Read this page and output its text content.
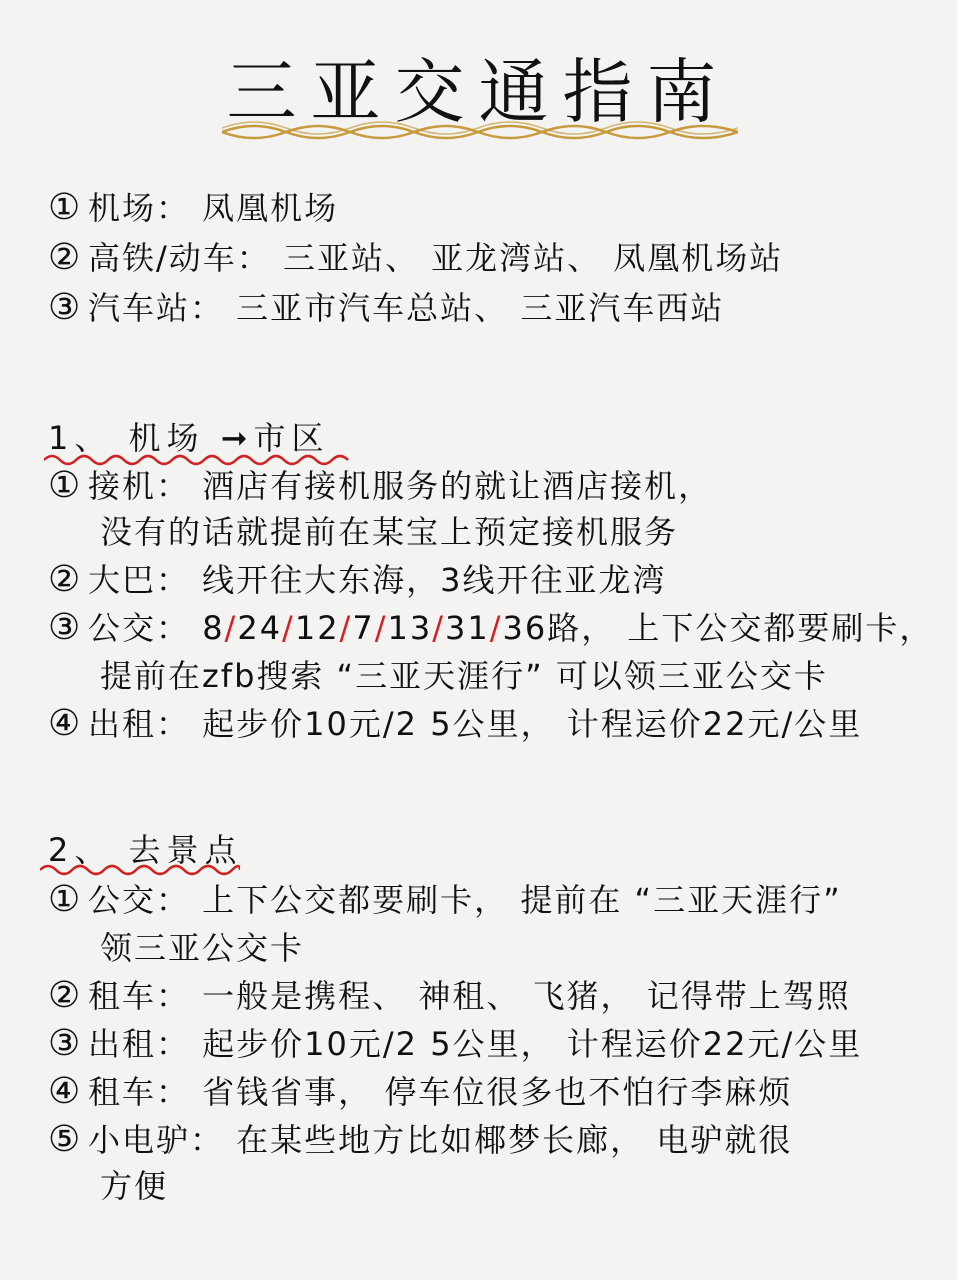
三亚交通指南
① 机场： 凤凰机场
② 高铁/动车： 三亚站、 亚龙湾站、 凤凰机场站
③ 汽车站： 三亚市汽车总站、 三亚汽车西站
1、 机场 ➞市区
① 接机： 酒店有接机服务的就让酒店接机，
没有的话就提前在某宝上预定接机服务
② 大巴： 线开往大东海，3线开往亚龙湾
③ 公交： 8/24/12/7/13/31/36路， 上下公交都要刷卡，
提前在zfb搜索 “三亚天涯行” 可以领三亚公交卡
④ 出租： 起步价10元/2 5公里， 计程运价22元/公里
2、 去景点
① 公交： 上下公交都要刷卡， 提前在 “三亚天涯行”
领三亚公交卡
② 租车： 一般是携程、 神租、 飞猪， 记得带上驾照
③ 出租： 起步价10元/2 5公里， 计程运价22元/公里
④ 租车： 省钱省事， 停车位很多也不怕行李麻烦
⑤ 小电驴： 在某些地方比如椰梦长廊， 电驴就很
方便
